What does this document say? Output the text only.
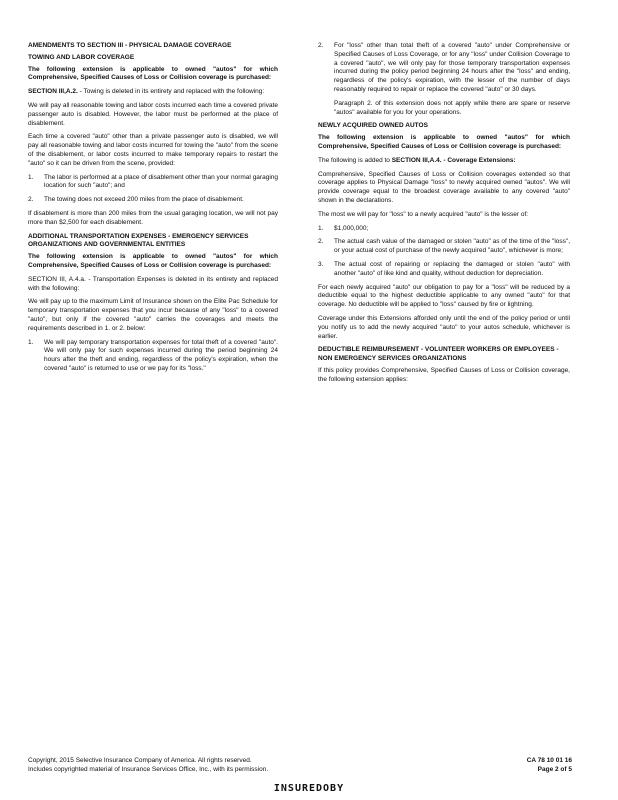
AMENDMENTS TO SECTION III - PHYSICAL DAMAGE COVERAGE
TOWING AND LABOR COVERAGE
The following extension is applicable to owned "autos" for which Comprehensive, Specified Causes of Loss or Collision coverage is purchased:
SECTION III,A.2. - Towing is deleted in its entirety and replaced with the following:
We will pay all reasonable towing and labor costs incurred each time a covered private passenger auto is disabled. However, the labor must be performed at the place of disablement.
Each time a covered "auto" other than a private passenger auto is disabled, we will pay all reasonable towing and labor costs incurred for towing the "auto" from the scene of the disablement, or labor costs incurred to make temporary repairs to restart the "auto" so it can be driven from the scene, provided:
1.	The labor is performed at a place of disablement other than your normal garaging location for such "auto"; and
2.	The towing does not exceed 200 miles from the place of disablement.
If disablement is more than 200 miles from the usual garaging location, we will not pay more than $2,500 for each disablement.
ADDITIONAL TRANSPORTATION EXPENSES - EMERGENCY SERVICES ORGANIZATIONS AND GOVERNMENTAL ENTITIES
The following extension is applicable to owned "autos" for which Comprehensive, Specified Causes of Loss or Collision coverage is purchased:
SECTION III, A.4.a. - Transportation Expenses is deleted in its entirety and replaced with the following:
We will pay up to the maximum Limit of Insurance shown on the Elite Pac Schedule for temporary transportation expenses that you incur because of any "loss" to a covered "auto", but only if the covered "auto" carries the coverages and meets the requirements described in 1. or 2. below:
1.	We will pay temporary transportation expenses for total theft of a covered "auto". We will only pay for such expenses incurred during the period beginning 24 hours after the theft and ending, regardless of the policy's expiration, when the covered "auto" is returned to use or we pay for its "loss."
2.	For "loss" other than total theft of a covered "auto" under Comprehensive or Specified Causes of Loss Coverage, or for any "loss" under Collision Coverage to a covered "auto", we will only pay for those temporary transportation expenses incurred during the policy period beginning 24 hours after the "loss" and ending, regardless of the policy's expiration, with the lesser of the number of days reasonably required to repair or replace the covered "auto" or 30 days.
Paragraph 2. of this extension does not apply while there are spare or reserve "autos" available for you for your operations.
NEWLY ACQUIRED OWNED AUTOS
The following extension is applicable to owned "autos" for which Comprehensive, Specified Causes of Loss or Collision coverage is purchased:
The following is added to SECTION III,A.4. - Coverage Extensions:
Comprehensive, Specified Causes of Loss or Collision coverages extended so that coverage applies to Physical Damage "loss" to newly acquired owned "autos". We will provide coverage equal to the broadest coverage available to any covered "auto" shown in the declarations.
The most we will pay for "loss" to a newly acquired "auto" is the lesser of:
1.	$1,000,000;
2.	The actual cash value of the damaged or stolen "auto" as of the time of the "loss", or your actual cost of purchase of the newly acquired "auto", whichever is more;
3.	The actual cost of repairing or replacing the damaged or stolen "auto" with another "auto" of like kind and quality, without deduction for depreciation.
For each newly acquired "auto" our obligation to pay for a "loss" will be reduced by a deductible equal to the highest deductible applicable to any owned "auto" for that coverage. No deductible will be applied to "loss" caused by fire or lightning.
Coverage under this Extensions afforded only until the end of the policy period or until you notify us to add the newly acquired "auto" to your autos schedule, whichever is earlier.
DEDUCTIBLE REIMBURSEMENT - VOLUNTEER WORKERS OR EMPLOYEES - NON EMERGENCY SERVICES ORGANIZATIONS
If this policy provides Comprehensive, Specified Causes of Loss or Collision coverage, the following extension applies:
Copyright, 2015 Selective Insurance Company of America. All rights reserved.
Includes copyrighted material of Insurance Services Office, Inc., with its permission.
CA 78 10 01 16
Page 2 of 5
INSUREDOBY
